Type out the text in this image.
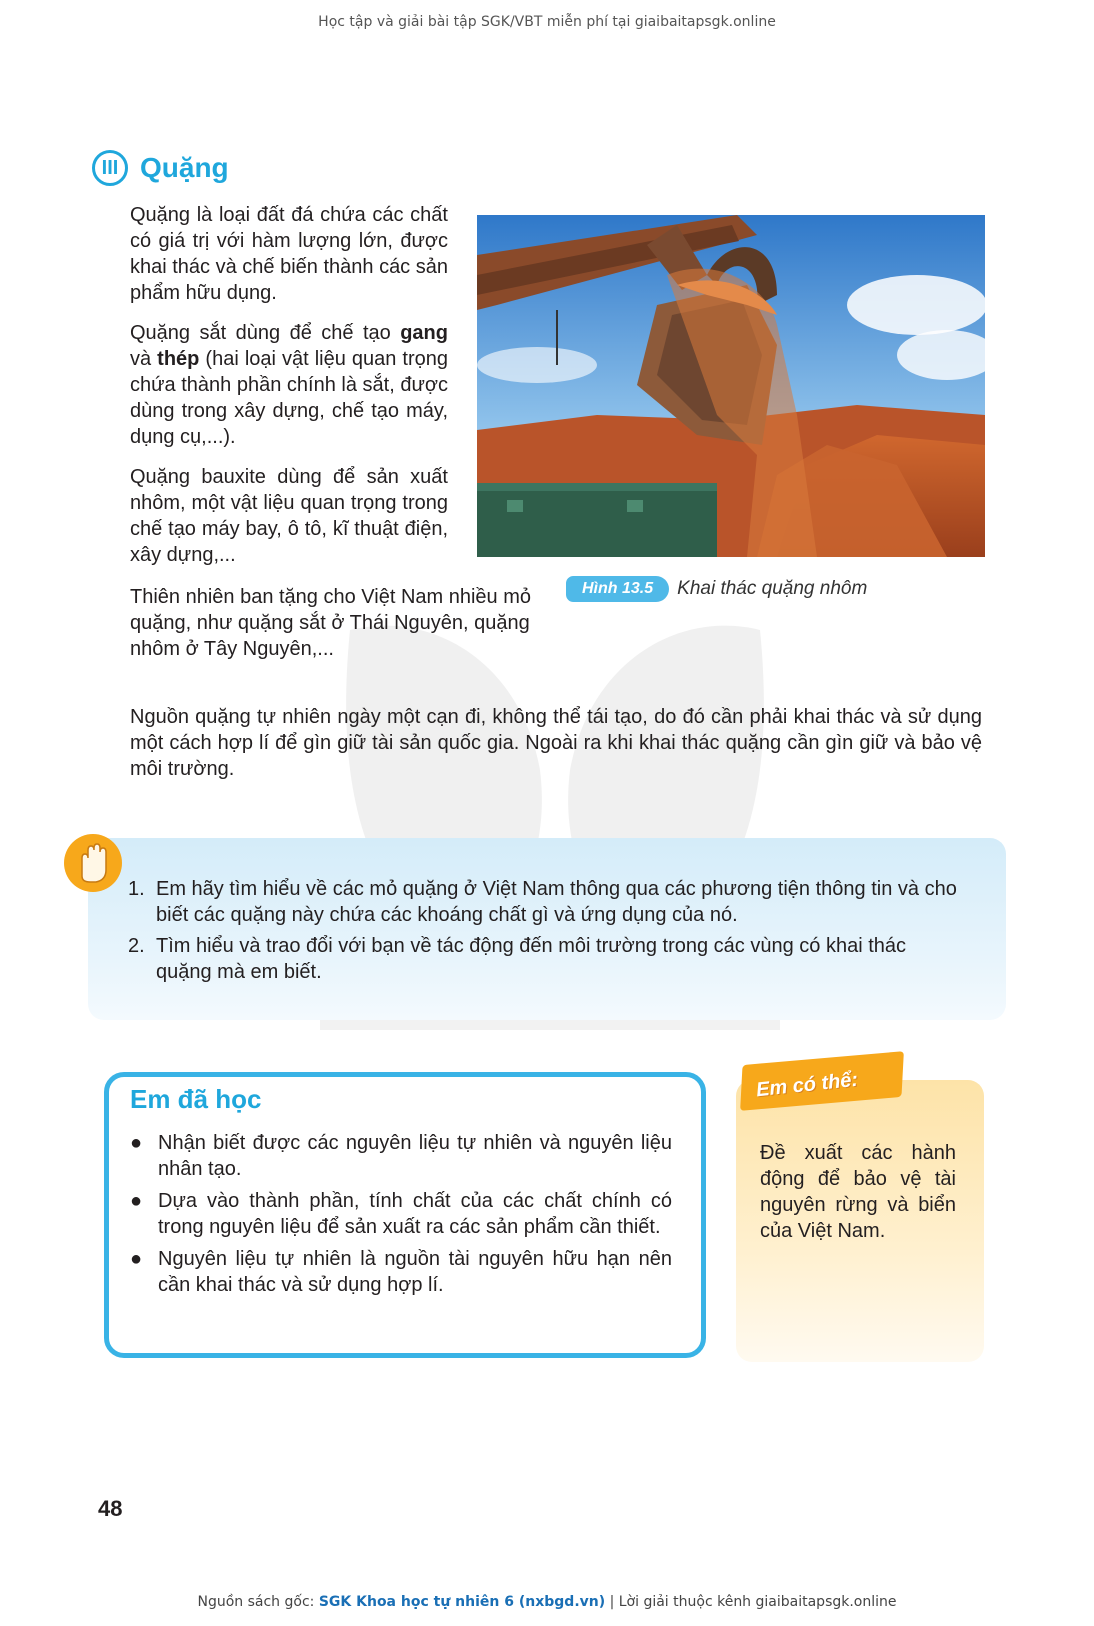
Học tập và giải bài tập SGK/VBT miễn phí tại giaibaitapsgk.online
III Quặng

Quặng là loại đất đá chứa các chất có giá trị với hàm lượng lớn, được khai thác và chế biến thành các sản phẩm hữu dụng.

Quặng sắt dùng để chế tạo gang và thép (hai loại vật liệu quan trọng chứa thành phần chính là sắt, được dùng trong xây dựng, chế tạo máy, dụng cụ,...).

Quặng bauxite dùng để sản xuất nhôm, một vật liệu quan trọng trong chế tạo máy bay, ô tô, kĩ thuật điện, xây dựng,...

Thiên nhiên ban tặng cho Việt Nam nhiều mỏ quặng, như quặng sắt ở Thái Nguyên, quặng nhôm ở Tây Nguyên,...

Hình 13.5	Khai thác quặng nhôm

Nguồn quặng tự nhiên ngày một cạn đi, không thể tái tạo, do đó cần phải khai thác và sử dụng một cách hợp lí để gìn giữ tài sản quốc gia. Ngoài ra khi khai thác quặng cần gìn giữ và bảo vệ môi trường.

1. Em hãy tìm hiểu về các mỏ quặng ở Việt Nam thông qua các phương tiện thông tin và cho biết các quặng này chứa các khoáng chất gì và ứng dụng của nó.
2. Tìm hiểu và trao đổi với bạn về tác động đến môi trường trong các vùng có khai thác quặng mà em biết.
Em đã học
● Nhận biết được các nguyên liệu tự nhiên và nguyên liệu nhân tạo.
● Dựa vào thành phần, tính chất của các chất chính có trong nguyên liệu để sản xuất ra các sản phẩm cần thiết.
● Nguyên liệu tự nhiên là nguồn tài nguyên hữu hạn nên cần khai thác và sử dụng hợp lí.
Em có thể:

Đề xuất các hành động để bảo vệ tài nguyên rừng và biển của Việt Nam.

48
Nguồn sách gốc: SGK Khoa học tự nhiên 6 (nxbgd.vn) | Lời giải thuộc kênh giaibaitapsgk.online
